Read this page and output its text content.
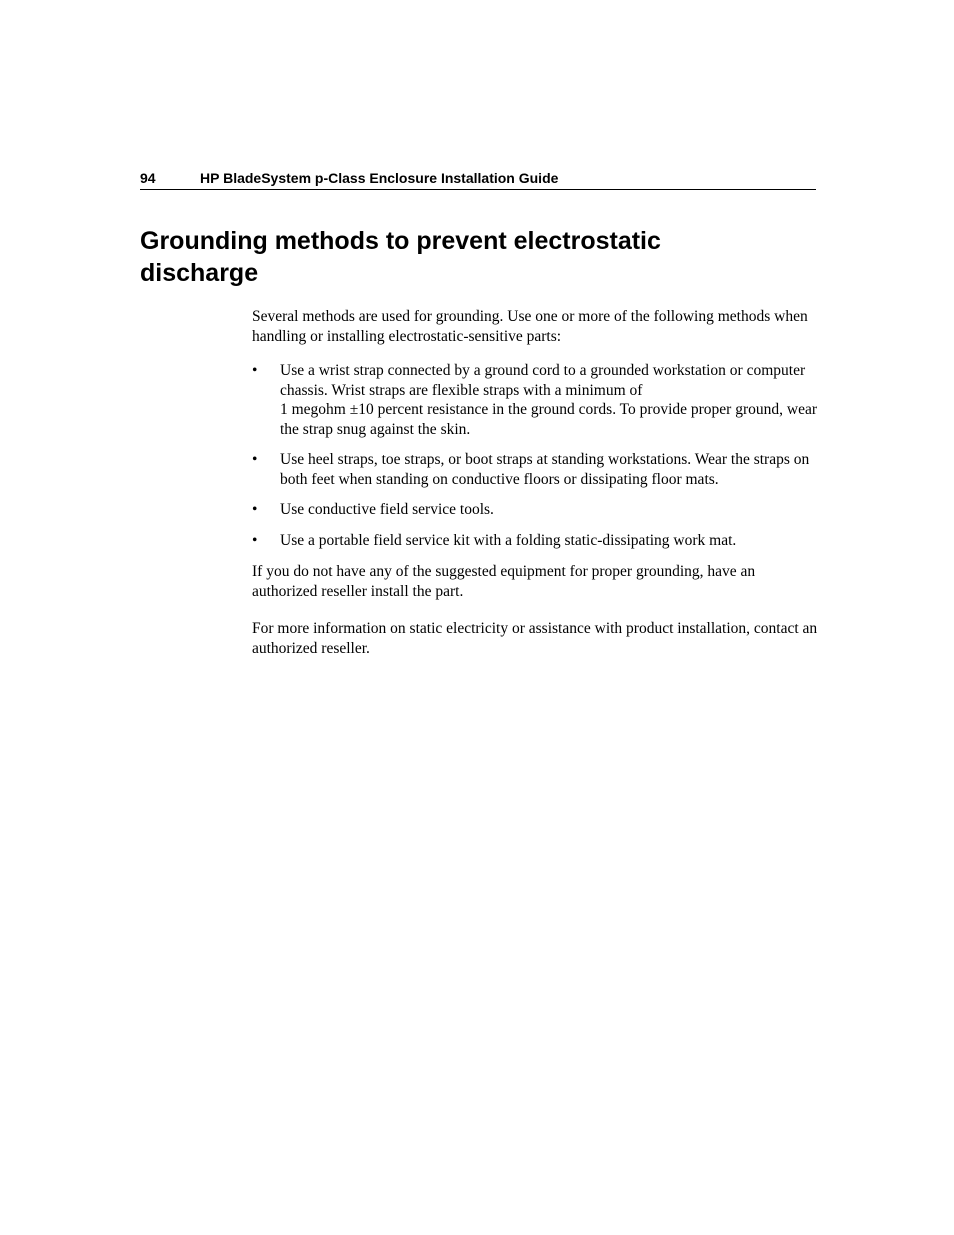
94	HP BladeSystem p-Class Enclosure Installation Guide
Grounding methods to prevent electrostatic discharge

Several methods are used for grounding. Use one or more of the following methods when handling or installing electrostatic-sensitive parts:

• Use a wrist strap connected by a ground cord to a grounded workstation or computer chassis. Wrist straps are flexible straps with a minimum of
1 megohm ±10 percent resistance in the ground cords. To provide proper ground, wear the strap snug against the skin.
• Use heel straps, toe straps, or boot straps at standing workstations. Wear the straps on both feet when standing on conductive floors or dissipating floor mats.
• Use conductive field service tools.
• Use a portable field service kit with a folding static-dissipating work mat.

If you do not have any of the suggested equipment for proper grounding, have an authorized reseller install the part.

For more information on static electricity or assistance with product installation, contact an authorized reseller.
